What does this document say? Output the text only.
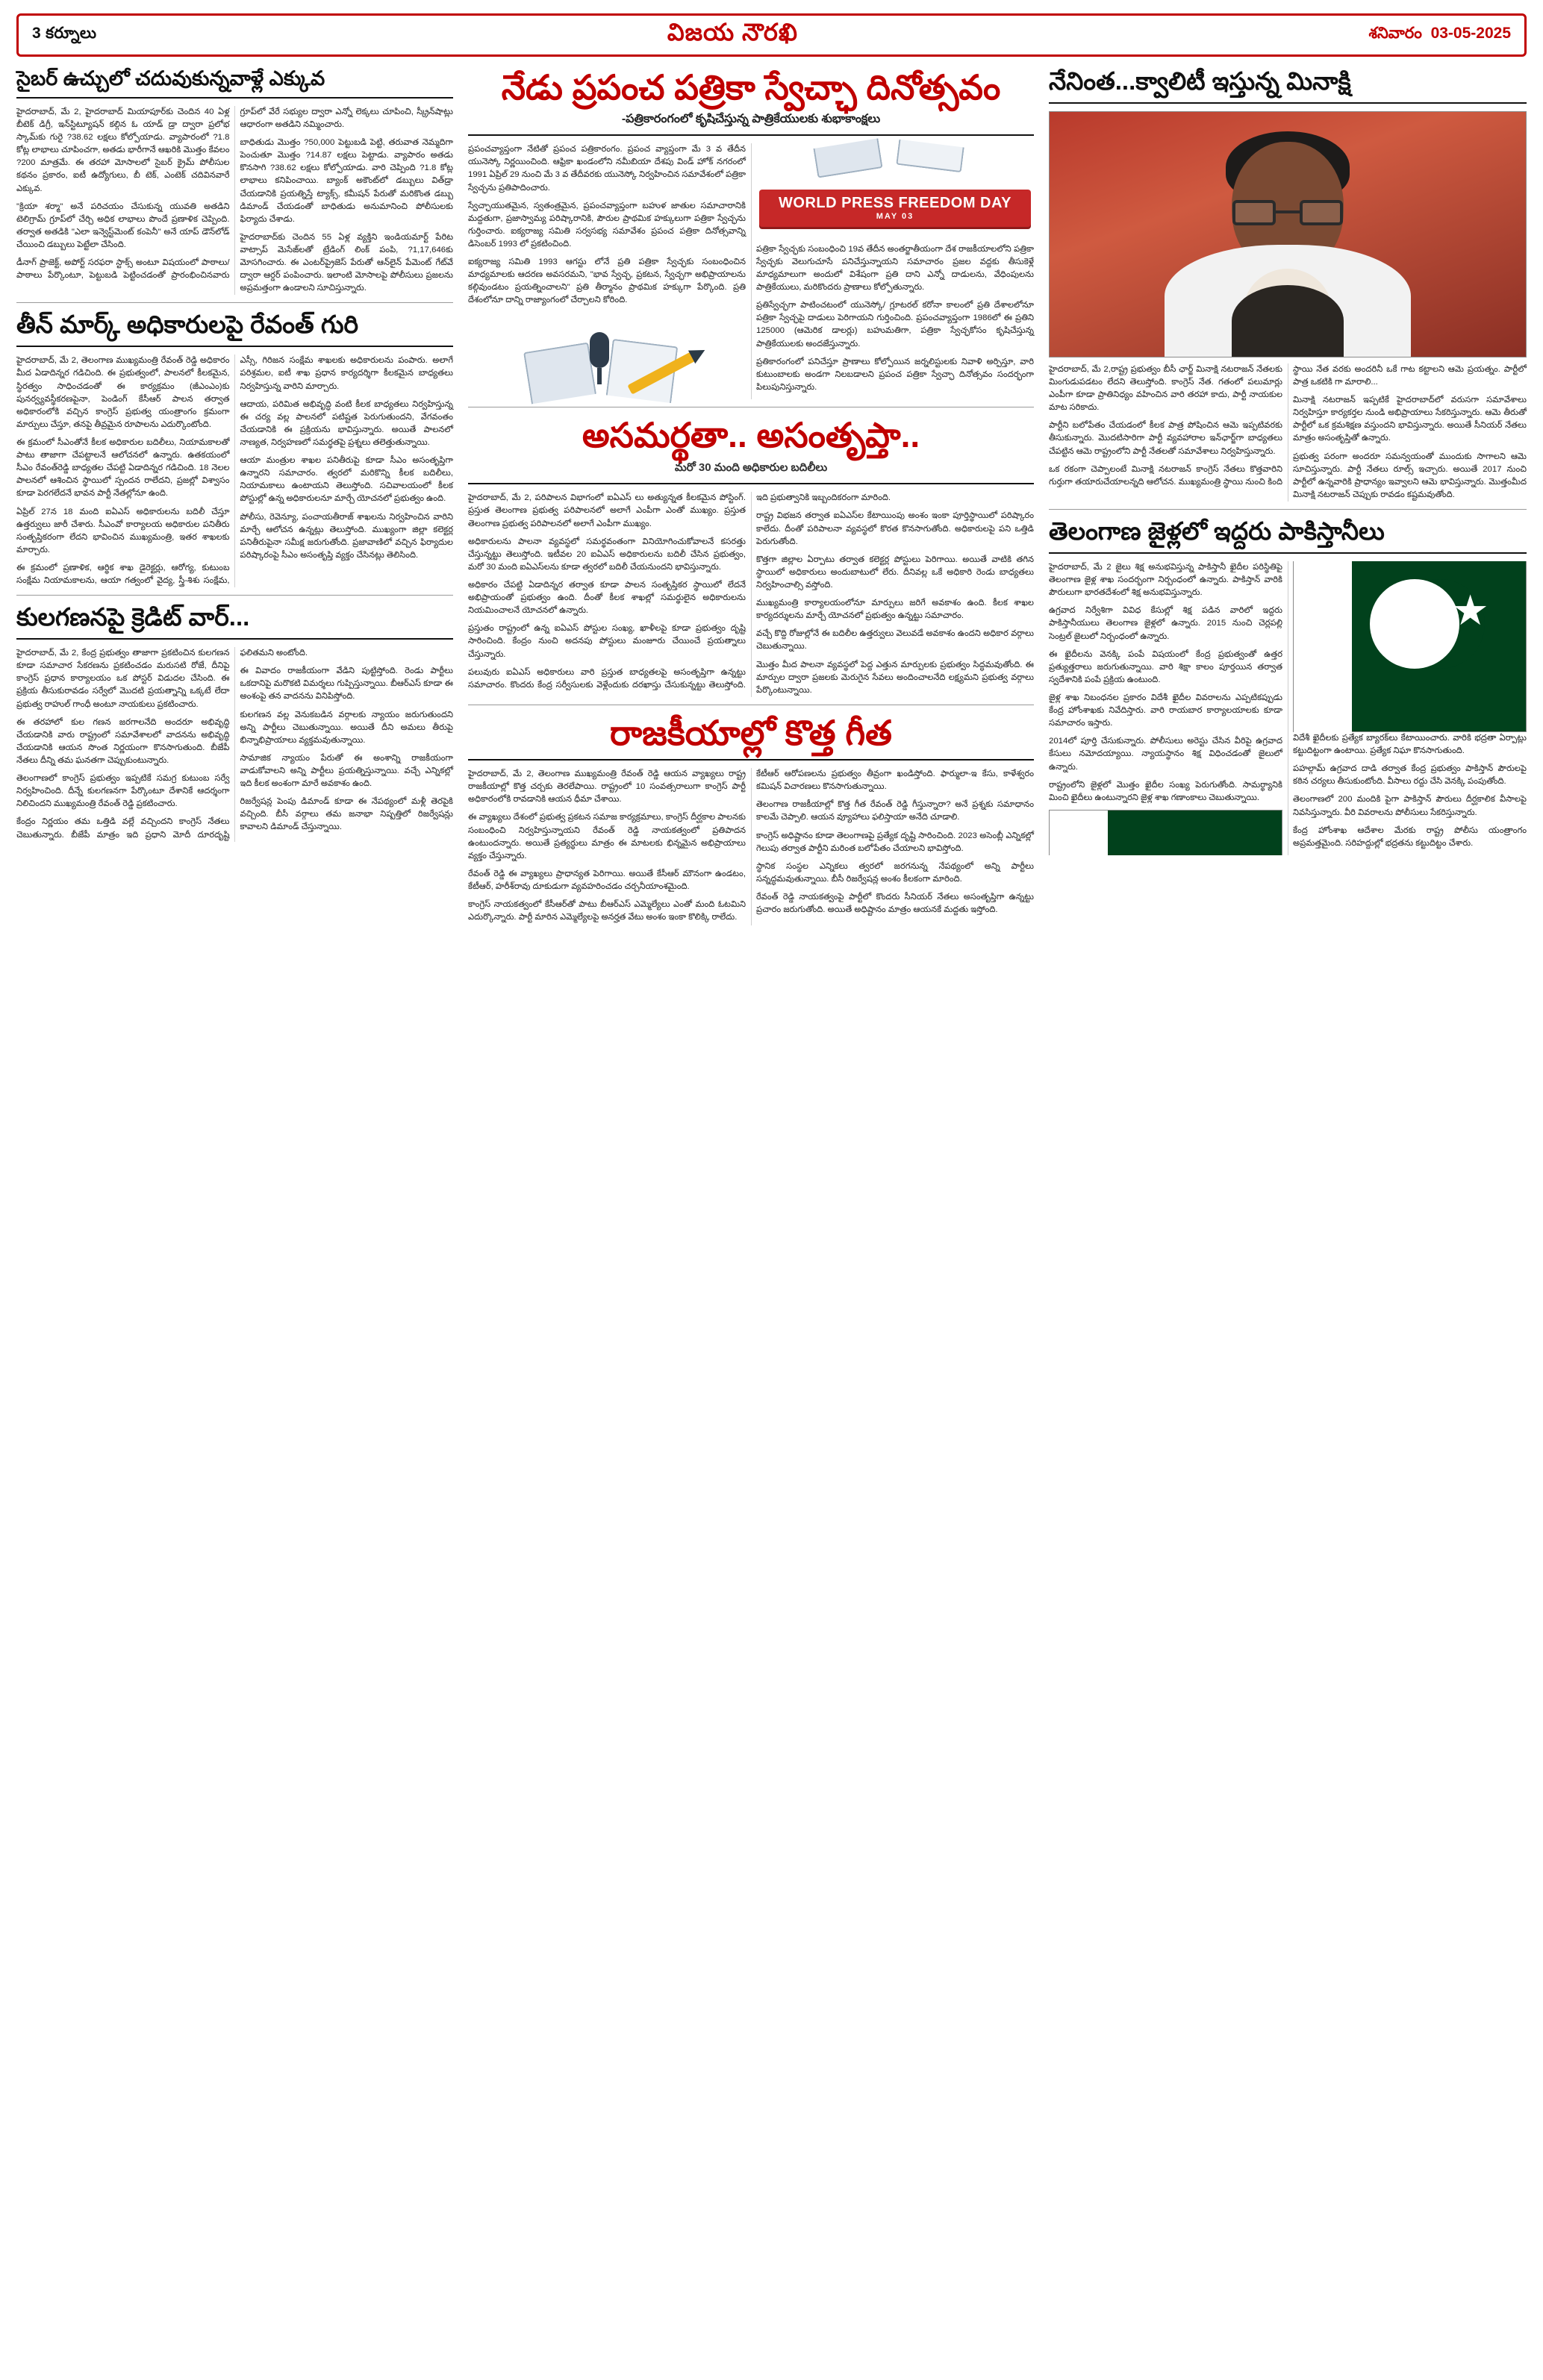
3 కర్నూలు	విజయ నౌరఖి	శనివారం 03-05-2025
సైబర్ ఉచ్చులో చదువుకున్నవాళ్లే ఎక్కువ

హైదరాబాద్, మే 2, హైదరాబాద్ మియాపూర్‌కు చెందిన 40 ఏళ్ల బీటెక్ డిగ్రీ, ఇన్‌స్టిట్యూషన్ కల్గిన ఓ యాడ్ డ్రా ద్వారా ప్రలోభ స్కామ్‌కు గురై ?38.62 లక్షలు కోల్పోయాడు. వ్యాపారంలో ?1.8 కోట్ల లాభాలు చూపించగా, అతడు భారీగానే ఆఖరికి మొత్తం కేవలం ?200 మాత్రమే. ఈ తరహా మోసాలలో సైబర్ క్రైమ్ పోలీసుల కథనం ప్రకారం, ఐటీ ఉద్యోగులు, బీ టెక్, ఎంటెక్ చదివినవారే ఎక్కువ.

"క్రియా శర్మా" అనే పరిచయం చేసుకున్న యువతి అతడిని టెలిగ్రామ్ గ్రూప్‌లో చేర్చి అధిక లాభాలు పొందే ప్రణాళిక చెప్పింది. తర్వాత అతడికి "ఎలా ఇన్వెస్ట్‌మెంట్ కంపెనీ" అనే యాప్ డౌన్‌లోడ్ చేయించి డబ్బులు పెట్టేలా చేసింది.

డీనాగ్ ప్రాజెక్ట్, అపోర్ట్ సరఫరా స్టాక్స్ అంటూ విషయంలో పాఠాలు/పాఠాలు పేర్కొంటూ, పెట్టుబడి పెట్టించడంతో ప్రారంభించినవారు గ్రూప్‌లో వేరే సభ్యుల ద్వారా ఎన్నో లెక్కలు చూపించి, స్క్రీన్‌షాట్లు ఆధారంగా అతడిని నమ్మించారు.

బాధితుడు మొత్తం ?50,000 పెట్టుబడి పెట్టి, తరువాత నెమ్మదిగా పెంచుతూ మొత్తం ?14.87 లక్షలు పెట్టాడు. వ్యాపారం అతడు కొనసాగి ?38.62 లక్షలు కోల్పోయాడు. వారి చెప్పింది ?1.8 కోట్ల లాభాలు కనిపించాయి. బ్యాంక్ అకౌంట్‌లో డబ్బులు విత్‌డ్రా చేయడానికి ప్రయత్నిస్తే ట్యాక్స్, కమీషన్ పేరుతో మరికొంత డబ్బు డిమాండ్ చేయడంతో బాధితుడు అనుమానించి పోలీసులకు ఫిర్యాదు చేశాడు.

హైదరాబాద్‌కు చెందిన 55 ఏళ్ల వ్యక్తిని ఇండియమార్ట్ పేరిట వాట్సాప్ మెసేజ్‌లతో ట్రేడింగ్ లింక్ పంపి, ?1,17,646కు మోసగించారు. ఈ ఎంటర్‌ప్రైజెస్ పేరుతో ఆన్‌లైన్ పేమెంట్ గేట్‌వే ద్వారా ఆర్డర్ పంపించారు. ఇలాంటి మోసాలపై పోలీసులు ప్రజలను అప్రమత్తంగా ఉండాలని సూచిస్తున్నారు.

తీన్ మార్క్ అధికారులపై రేవంత్ గురి

హైదరాబాద్, మే 2, తెలంగాణ ముఖ్యమంత్రి రేవంత్ రెడ్డి అధికారం మీద ఏడాదిన్నర గడిచింది. ఈ ప్రభుత్వంలో, పాలనలో కీలకమైన, స్థిరత్వం సాధించడంతో ఈ కార్యక్రమం (జీఎంఎం)కు పునర్వ్యవస్థీకరణపైనా, పెండింగ్ కేసీఆర్ పాలన తర్వాత అధికారంలోకి వచ్చిన కాంగ్రెస్ ప్రభుత్వ యంత్రాంగం క్రమంగా మార్పులు చేస్తూ, తనపై తీవ్రమైన రూపాలను ఎదుర్కొంటోంది.

ఈ క్రమంలో సీఎంతోనే కీలక అధికారుల బదిలీలు, నియామకాలతో పాటు తాజాగా చేపట్టాలనే ఆలోచనలో ఉన్నారు. ఉతకయంలో సీఎం రేవంత్‌రెడ్డి బాధ్యతల చేపట్టి ఏడాదిన్నర గడిచింది. 18 నెలల పాలనలో ఆశించిన స్థాయిలో స్పందన రాలేదని, ప్రజల్లో విశ్వాసం కూడా పెరగలేదనే భావన పార్టీ నేతల్లోనూ ఉంది.

ఏప్రిల్ 27న 18 మంది ఐఏఎస్ అధికారులను బదిలీ చేస్తూ ఉత్తర్వులు జారీ చేశారు. సీఎంవో కార్యాలయ అధికారుల పనితీరు సంతృప్తికరంగా లేదని భావించిన ముఖ్యమంత్రి, ఇతర శాఖలకు మార్చారు.

ఈ క్రమంలో ప్రణాళిక, ఆర్థిక శాఖ డైరెక్టర్లు, ఆరోగ్య, కుటుంబ సంక్షేమ నియామకాలను, ఆయా గత్వంలో వైద్య, స్త్రీ-శిశు సంక్షేమ, ఎస్సీ, గిరిజన సంక్షేమ శాఖలకు అధికారులను పంపారు. అలాగే పరిశ్రమల, ఐటీ శాఖ ప్రధాన కార్యదర్శిగా కీలకమైన బాధ్యతలు నిర్వహిస్తున్న వారిని మార్చారు.

ఆదాయ, పరిమిత అభివృద్ధి వంటి కీలక బాధ్యతలు నిర్వహిస్తున్న ఈ చర్య వల్ల పాలనలో పటిష్టత పెరుగుతుందని, వేగవంతం చేయడానికి ఈ ప్రక్రియను భావిస్తున్నారు. అయితే పాలనలో నాణ్యత, నిర్వహణలో సమర్థతపై ప్రశ్నలు తలెత్తుతున్నాయి.

ఆయా మంత్రుల శాఖల పనితీరుపై కూడా సీఎం అసంతృప్తిగా ఉన్నారని సమాచారం. త్వరలో మరికొన్ని కీలక బదిలీలు, నియామకాలు ఉంటాయని తెలుస్తోంది. సచివాలయంలో కీలక పోస్టుల్లో ఉన్న అధికారులనూ మార్చే యోచనలో ప్రభుత్వం ఉంది.

పోలీసు, రెవెన్యూ, పంచాయతీరాజ్ శాఖలను నిర్వహించిన వారిని మార్చే ఆలోచన ఉన్నట్లు తెలుస్తోంది. ముఖ్యంగా జిల్లా కలెక్టర్ల పనితీరుపైనా సమీక్ష జరుగుతోంది. ప్రజావాణిలో వచ్చిన ఫిర్యాదుల పరిష్కారంపై సీఎం అసంతృప్తి వ్యక్తం చేసినట్లు తెలిసింది.

కులగణనపై క్రెడిట్ వార్...

హైదరాబాద్, మే 2, కేంద్ర ప్రభుత్వం తాజాగా ప్రకటించిన కులగణన కూడా సమాచార సేకరణను ప్రకటించడం మరుసటి రోజే, దీనిపై కాంగ్రెస్ ప్రధాన కార్యాలయం ఒక పోస్టర్ విడుదల చేసింది. ఈ ప్రక్రియ తీసుకురావడం సర్వేలో మొదటి ప్రయత్నాన్ని ఒక్కటే లేదా ప్రభుత్వ రాహుల్ గాంధీ అంటూ నాయకులు ప్రకటించారు.

ఈ తరహాలో కుల గణన జరగాలనేది అందరూ అభివృద్ధి చేయడానికి వారు రాష్ట్రంలో సమావేశాలలో వాదనను అభివృద్ధి చేయడానికి ఆయన సొంత నిర్ణయంగా కొనసాగుతుంది. బీజేపీ నేతలు దీన్ని తమ ఘనతగా చెప్పుకుంటున్నారు.

తెలంగాణలో కాంగ్రెస్ ప్రభుత్వం ఇప్పటికే సమగ్ర కుటుంబ సర్వే నిర్వహించింది. దీన్నే కులగణనగా పేర్కొంటూ దేశానికే ఆదర్శంగా నిలిచిందని ముఖ్యమంత్రి రేవంత్ రెడ్డి ప్రకటించారు.

కేంద్రం నిర్ణయం తమ ఒత్తిడి వల్లే వచ్చిందని కాంగ్రెస్ నేతలు చెబుతున్నారు. బీజేపీ మాత్రం ఇది ప్రధాని మోదీ దూరదృష్టి ఫలితమని అంటోంది.

ఈ వివాదం రాజకీయంగా వేడిని పుట్టిస్తోంది. రెండు పార్టీలు ఒకదానిపై మరొకటి విమర్శలు గుప్పిస్తున్నాయి. బీఆర్ఎస్ కూడా ఈ అంశంపై తన వాదనను వినిపిస్తోంది.

కులగణన వల్ల వెనుకబడిన వర్గాలకు న్యాయం జరుగుతుందని అన్ని పార్టీలు చెబుతున్నాయి. అయితే దీని అమలు తీరుపై భిన్నాభిప్రాయాలు వ్యక్తమవుతున్నాయి.

సామాజిక న్యాయం పేరుతో ఈ అంశాన్ని రాజకీయంగా వాడుకోవాలని అన్ని పార్టీలు ప్రయత్నిస్తున్నాయి. వచ్చే ఎన్నికల్లో ఇది కీలక అంశంగా మారే అవకాశం ఉంది.

రిజర్వేషన్ల పెంపు డిమాండ్ కూడా ఈ నేపథ్యంలో మళ్లీ తెరపైకి వచ్చింది. బీసీ వర్గాలు తమ జనాభా నిష్పత్తిలో రిజర్వేషన్లు కావాలని డిమాండ్ చేస్తున్నాయి.

నేడు ప్రపంచ పత్రికా స్వేచ్ఛా దినోత్సవం
-పత్రికారంగంలో కృషిచేస్తున్న పాత్రికేయులకు శుభాకాంక్షలు

ప్రపంచవ్యాప్తంగా నేటితో ప్రపంచ పత్రికారంగం. ప్రపంచ వ్యాప్తంగా మే 3 వ తేదీన యునెస్కో నిర్ణయించింది. ఆఫ్రికా ఖండంలోని నమీబియా దేశపు విండ్ హోక్ నగరంలో 1991 ఏప్రిల్ 29 నుంచి మే 3 వ తేదీవరకు యునెస్కో నిర్వహించిన సమావేశంలో పత్రికా స్వేచ్ఛను ప్రతిపాదించారు.

స్వేచ్ఛాయుతమైన, స్వతంత్రమైన, ప్రపంచవ్యాప్తంగా బహుళ జాతుల సమాచారానికి మద్దతుగా, ప్రజాస్వామ్య పరిష్కారానికి, పౌరుల ప్రాథమిక హక్కులుగా పత్రికా స్వేచ్ఛను గుర్తించారు. ఐక్యరాజ్య సమితి సర్వసభ్య సమావేశం ప్రపంచ పత్రికా దినోత్సవాన్ని డిసెంబర్ 1993 లో ప్రకటించింది.

ఐక్యరాజ్య సమితి 1993 ఆగస్టు లోనే ప్రతి పత్రికా స్వేచ్ఛకు సంబంధించిన మాధ్యమాలకు ఆదరణ అవసరమని, "భావ స్వేచ్ఛ, ప్రకటన, స్వేచ్ఛగా అభిప్రాయాలను కల్గివుండటం ప్రయత్నించాలని" ప్రతి తీర్మానం ప్రాథమిక హక్కుగా పేర్కొంది. ప్రతి దేశంలోనూ దాన్ని రాజ్యాంగంలో చేర్చాలని కోరింది.

WORLD PRESS FREEDOM DAY
MAY 03

పత్రికా స్వేచ్ఛకు సంబంధించి 19వ తేదీన అంతర్జాతీయంగా దేశ రాజకీయాలలోని పత్రికా స్వేచ్ఛకు వెలుగుచూసే పనిచేస్తున్నాయని సమాచారం ప్రజల వద్దకు తీసుకెళ్లే మాధ్యమాలుగా అందులో విశేషంగా ప్రతి దాని ఎన్నో దాడులను, వేధింపులను పాత్రికేయులు, మరికొందరు ప్రాణాలు కోల్పోతున్నారు.

ప్రతిస్వేచ్ఛగా పాటించటంలో యునెస్కో/ గ్లూటరల్ కరోనా కాలంలో ప్రతి దేశాలలోనూ పత్రికా స్వేచ్ఛపై దాడులు పెరిగాయని గుర్తించింది. ప్రపంచవ్యాప్తంగా 1986లో ఈ ప్రతిని 125000 (ఆమెరిక డాలర్లు) బహుమతిగా, పత్రికా స్వేచ్ఛకోసం కృషిచేస్తున్న పాత్రికేయులకు అందజేస్తున్నారు.

ప్రతికారంగంలో పనిచేస్తూ ప్రాణాలు కోల్పోయిన జర్నలిస్టులకు నివాళి అర్పిస్తూ, వారి కుటుంబాలకు అండగా నిలబడాలని ప్రపంచ పత్రికా స్వేచ్ఛా దినోత్సవం సందర్భంగా పిలుపునిస్తున్నారు.

అసమర్థతా.. అసంతృప్తా..
మరో 30 మంది అధికారుల బదిలీలు

హైదరాబాద్, మే 2, పరిపాలన విభాగంలో ఐఏఎస్ లు అత్యున్నత కీలకమైన పోస్టింగ్. ప్రస్తుత తెలంగాణ ప్రభుత్వ పరిపాలనలో అలాగే ఎంపీగా ఎంతో ముఖ్యం. ప్రస్తుత తెలంగాణ ప్రభుత్వ పరిపాలనలో అలాగే ఎంపీగా ముఖ్యం.

అధికారులను పాలనా వ్యవస్థలో సమర్థవంతంగా వినియోగించుకోవాలనే కసరత్తు చేస్తున్నట్టు తెలుస్తోంది. ఇటీవల 20 ఐఏఎస్ అధికారులను బదిలీ చేసిన ప్రభుత్వం, మరో 30 మంది ఐఏఎస్‌లను కూడా త్వరలో బదిలీ చేయనుందని భావిస్తున్నారు.

అధికారం చేపట్టి ఏడాదిన్నర తర్వాత కూడా పాలన సంతృప్తికర స్థాయిలో లేదనే అభిప్రాయంతో ప్రభుత్వం ఉంది. దీంతో కీలక శాఖల్లో సమర్థులైన అధికారులను నియమించాలనే యోచనలో ఉన్నారు.

ప్రస్తుతం రాష్ట్రంలో ఉన్న ఐఏఎస్ పోస్టుల సంఖ్య, ఖాళీలపై కూడా ప్రభుత్వం దృష్టి సారించింది. కేంద్రం నుంచి అదనపు పోస్టులు మంజూరు చేయించే ప్రయత్నాలు చేస్తున్నారు.

పలువురు ఐఏఎస్ అధికారులు వారి ప్రస్తుత బాధ్యతలపై అసంతృప్తిగా ఉన్నట్టు సమాచారం. కొందరు కేంద్ర సర్వీసులకు వెళ్లేందుకు దరఖాస్తు చేసుకున్నట్టు తెలుస్తోంది. ఇది ప్రభుత్వానికి ఇబ్బందికరంగా మారింది.

రాష్ట్ర విభజన తర్వాత ఐఏఎస్‌ల కేటాయింపు అంశం ఇంకా పూర్తిస్థాయిలో పరిష్కారం కాలేదు. దీంతో పరిపాలనా వ్యవస్థలో కొరత కొనసాగుతోంది. అధికారులపై పని ఒత్తిడి పెరుగుతోంది.

కొత్తగా జిల్లాల ఏర్పాటు తర్వాత కలెక్టర్ల పోస్టులు పెరిగాయి. అయితే వాటికి తగిన స్థాయిలో అధికారులు అందుబాటులో లేరు. దీనివల్ల ఒకే అధికారి రెండు బాధ్యతలు నిర్వహించాల్సి వస్తోంది.

ముఖ్యమంత్రి కార్యాలయంలోనూ మార్పులు జరిగే అవకాశం ఉంది. కీలక శాఖల కార్యదర్శులను మార్చే యోచనలో ప్రభుత్వం ఉన్నట్టు సమాచారం.

వచ్చే కొద్ది రోజుల్లోనే ఈ బదిలీల ఉత్తర్వులు వెలువడే అవకాశం ఉందని అధికార వర్గాలు చెబుతున్నాయి.

మొత్తం మీద పాలనా వ్యవస్థలో పెద్ద ఎత్తున మార్పులకు ప్రభుత్వం సిద్ధమవుతోంది. ఈ మార్పుల ద్వారా ప్రజలకు మెరుగైన సేవలు అందించాలనేది లక్ష్యమని ప్రభుత్వ వర్గాలు పేర్కొంటున్నాయి.

రాజకీయాల్లో కొత్త గీత

హైదరాబాద్, మే 2, తెలంగాణ ముఖ్యమంత్రి రేవంత్ రెడ్డి ఆయన వ్యాఖ్యలు రాష్ట్ర రాజకీయాల్లో కొత్త చర్చకు తెరలేపాయి. రాష్ట్రంలో 10 సంవత్సరాలుగా కాంగ్రెస్ పార్టీ అధికారంలోకి రావడానికి ఆయన ధీమా చేశాయి.

ఈ వ్యాఖ్యలు దేశంలో ప్రభుత్వ ప్రకటన సమాజ కార్యక్రమాలు, కాంగ్రెస్ దీర్ఘకాల పాలనకు సంబంధించి నిర్వహిస్తున్నాయని రేవంత్ రెడ్డి నాయకత్వంలో ప్రతిపాదన ఉంటుందన్నారు. అయితే ప్రత్యర్థులు మాత్రం ఈ మాటలకు భిన్నమైన అభిప్రాయాలు వ్యక్తం చేస్తున్నారు.

రేవంత్ రెడ్డి ఈ వ్యాఖ్యలు ప్రాధాన్యత పెరిగాయి. అయితే కేసీఆర్ మౌనంగా ఉండటం, కేటీఆర్, హరీశ్‌రావు దూకుడుగా వ్యవహరించడం చర్చనీయాంశమైంది.

కాంగ్రెస్ నాయకత్వంలో కేసీఆర్‌తో పాటు బీఆర్ఎస్ ఎమ్మెల్యేలు ఎంతో మంది ఓటమిని ఎదుర్కొన్నారు. పార్టీ మారిన ఎమ్మెల్యేలపై అనర్హత వేటు అంశం ఇంకా కొలిక్కి రాలేదు.

కేటీఆర్ ఆరోపణలను ప్రభుత్వం తీవ్రంగా ఖండిస్తోంది. ఫార్ములా-ఇ కేసు, కాళేశ్వరం కమిషన్ విచారణలు కొనసాగుతున్నాయి.

తెలంగాణ రాజకీయాల్లో కొత్త గీత రేవంత్ రెడ్డి గీస్తున్నారా? అనే ప్రశ్నకు సమాధానం కాలమే చెప్పాలి. ఆయన వ్యూహాలు ఫలిస్తాయా అనేది చూడాలి.

కాంగ్రెస్ అధిష్టానం కూడా తెలంగాణపై ప్రత్యేక దృష్టి సారించింది. 2023 అసెంబ్లీ ఎన్నికల్లో గెలుపు తర్వాత పార్టీని మరింత బలోపేతం చేయాలని భావిస్తోంది.

స్థానిక సంస్థల ఎన్నికలు త్వరలో జరగనున్న నేపథ్యంలో అన్ని పార్టీలు సన్నద్ధమవుతున్నాయి. బీసీ రిజర్వేషన్ల అంశం కీలకంగా మారింది.

రేవంత్ రెడ్డి నాయకత్వంపై పార్టీలో కొందరు సీనియర్ నేతలు అసంతృప్తిగా ఉన్నట్టు ప్రచారం జరుగుతోంది. అయితే అధిష్టానం మాత్రం ఆయనకే మద్దతు ఇస్తోంది.

నేనింత...క్వాలిటీ ఇస్తున్న మినాక్షి

హైదరాబాద్, మే 2,రాష్ట్ర ప్రభుత్వం బీసీ ఛార్జ్ మినాక్షి నటరాజన్ నేతలకు మింగుడుపడటం లేదని తెలుస్తోంది. కాంగ్రెస్ నేత. గతంలో పలుమార్లు ఎంపీగా కూడా ప్రాతినిధ్యం వహించిన వారి తరహా కాదు, పార్టీ నాయకుల మాట సరికాదు.

పార్టీని బలోపేతం చేయడంలో కీలక పాత్ర పోషించిన ఆమె ఇప్పటివరకు తీసుకున్నారు. మొదటిసారిగా పార్టీ వ్యవహారాల ఇన్‌ఛార్జ్‌గా బాధ్యతలు చేపట్టిన ఆమె రాష్ట్రంలోని పార్టీ నేతలతో సమావేశాలు నిర్వహిస్తున్నారు.

ఒక రకంగా చెప్పాలంటే మినాక్షి నటరాజన్ కాంగ్రెస్ నేతలు కొత్తవారిని గుర్తుగా తయారుచేయాలన్నది ఆలోచన. ముఖ్యమంత్రి స్థాయి నుంచి కింది స్థాయి నేత వరకు అందరినీ ఒకే గాట కట్టాలని ఆమె ప్రయత్నం. పార్టీలో పాత్ర ఒకటికి గా మారాలి...

మినాక్షి నటరాజన్ ఇప్పటికే హైదరాబాద్‌లో వరుసగా సమావేశాలు నిర్వహిస్తూ కార్యకర్తల నుండి అభిప్రాయాలు సేకరిస్తున్నారు. ఆమె తీరుతో పార్టీలో ఒక క్రమశిక్షణ వస్తుందని భావిస్తున్నారు. అయితే సీనియర్ నేతలు మాత్రం అసంతృప్తితో ఉన్నారు.

ప్రభుత్వ పరంగా అందరూ సమన్వయంతో ముందుకు సాగాలని ఆమె సూచిస్తున్నారు. పార్టీ నేతలు రూల్స్ ఇచ్చారు. అయితే 2017 నుంచి పార్టీలో ఉన్నవారికి ప్రాధాన్యం ఇవ్వాలని ఆమె భావిస్తున్నారు. మొత్తంమీద మినాక్షి నటరాజన్ చెప్పుకు రావడం కష్టమవుతోంది.

తెలంగాణ జైళ్లలో ఇద్దరు పాకిస్తానీలు

హైదరాబాద్, మే 2 జైలు శిక్ష అనుభవిస్తున్న పాకిస్తానీ ఖైదీల పరిస్థితిపై తెలంగాణ జైళ్ల శాఖ సందర్భంగా నిర్బంధంలో ఉన్నారు. పాకిస్తాన్ వారికి పౌరులుగా భారతదేశంలో శిక్ష అనుభవిస్తున్నారు.

ఉగ్రవాద నిర్వేశిగా వివిధ కేసుల్లో శిక్ష పడిన వారిలో ఇద్దరు పాకిస్తానీయులు తెలంగాణ జైళ్లలో ఉన్నారు. 2015 నుంచి చెర్లపల్లి సెంట్రల్ జైలులో నిర్బంధంలో ఉన్నారు.

ఈ ఖైదీలను వెనక్కి పంపే విషయంలో కేంద్ర ప్రభుత్వంతో ఉత్తర ప్రత్యుత్తరాలు జరుగుతున్నాయి. వారి శిక్షా కాలం పూర్తయిన తర్వాత స్వదేశానికి పంపే ప్రక్రియ ఉంటుంది.

జైళ్ల శాఖ నిబంధనల ప్రకారం విదేశీ ఖైదీల వివరాలను ఎప్పటికప్పుడు కేంద్ర హోంశాఖకు నివేదిస్తారు. వారి రాయబార కార్యాలయాలకు కూడా సమాచారం ఇస్తారు.

2014లో పూర్తి చేసుకున్నారు. పోలీసులు అరెస్టు చేసిన వీరిపై ఉగ్రవాద కేసులు నమోదయ్యాయి. న్యాయస్థానం శిక్ష విధించడంతో జైలులో ఉన్నారు.

రాష్ట్రంలోని జైళ్లలో మొత్తం ఖైదీల సంఖ్య పెరుగుతోంది. సామర్థ్యానికి మించి ఖైదీలు ఉంటున్నారని జైళ్ల శాఖ గణాంకాలు చెబుతున్నాయి.

★

విదేశీ ఖైదీలకు ప్రత్యేక బ్యారక్‌లు కేటాయించారు. వారికి భద్రతా ఏర్పాట్లు కట్టుదిట్టంగా ఉంటాయి. ప్రత్యేక నిఘా కొనసాగుతుంది.

పహల్గామ్ ఉగ్రవాద దాడి తర్వాత కేంద్ర ప్రభుత్వం పాకిస్తాన్ పౌరులపై కఠిన చర్యలు తీసుకుంటోంది. వీసాలు రద్దు చేసి వెనక్కి పంపుతోంది.

తెలంగాణలో 200 మందికి పైగా పాకిస్తాన్ పౌరులు దీర్ఘకాలిక వీసాలపై నివసిస్తున్నారు. వీరి వివరాలను పోలీసులు సేకరిస్తున్నారు.

కేంద్ర హోంశాఖ ఆదేశాల మేరకు రాష్ట్ర పోలీసు యంత్రాంగం అప్రమత్తమైంది. సరిహద్దుల్లో భద్రతను కట్టుదిట్టం చేశారు.
